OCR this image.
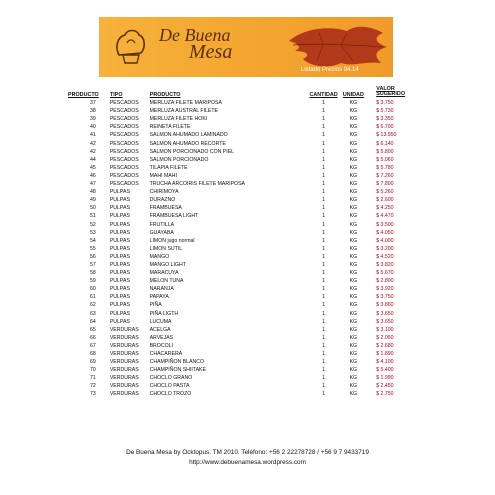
De Buena
Mesa
Listado Precios 04.14
PRODUCTO	TIPO	PRODUCTO	CANTIDAD UNIDAD
VALOR
SUGERIDO
37	PESCADOS	MERLUZA FILETE MARIPOSA	1	KG	$ 3.750
38	PESCADOS	MERLUZA AUSTRAL FILETE	1	KG	$ 5.730
39	PESCADOS	MERLUZA FILETE HOKI	1	KG	$ 3.350
40	PESCADOS	REINETA FILETE	1	KG	$ 6.700
41	PESCADOS	SALMON AHUMADO LAMINADO	1	KG	$ 13.950
42	PESCADOS	SALMON AHUMADO RECORTE	1	KG	$ 6.140
42	PESCADOS	SALMON PORCIONADO CON PIEL	1	KG	$ 5.800
44	PESCADOS	SALMON PORCIONADO	1	KG	$ 5.060
45	PESCADOS	TILAPIA FILETE	1	KG	$ 5.780
46	PESCADOS	MAHI MAHI	1	KG	$ 7.260
47	PESCADOS	TRUCHA ARCOIRIS FILETE MARIPOSA	1	KG	$ 7.800
48	PULPAS	CHIRIMOYA	1	KG	$ 5.260
49	PULPAS	DURAZNO	1	KG	$ 2.600
50	PULPAS	FRAMBUESA	1	KG	$ 4.250
51	PULPAS	FRAMBUESA LIGHT	1	KG	$ 4.470
52	PULPAS	FRUTILLA	1	KG	$ 3.500
53	PULPAS	GUAYABA	1	KG	$ 4.050
54	PULPAS	LIMON jugo normal	1	KG	$ 4.000
55	PULPAS	LIMON SUTIL	1	KG	$ 3.200
56	PULPAS	MANGO	1	KG	$ 4.520
57	PULPAS	MANGO LIGHT	1	KG	$ 3.820
58	PULPAS	MARACUYA	1	KG	$ 5.670
59	PULPAS	MELON TUNA	1	KG	$ 2.800
60	PULPAS	NARANJA	1	KG	$ 3.920
61	PULPAS	PAPAYA	1	KG	$ 3.750
62	PULPAS	PIÑA	1	KG	$ 3.860
63	PULPAS	PIÑA LIGTH	1	KG	$ 3.650
64	PULPAS	LUCUMA	1	KG	$ 3.650
65	VERDURAS	ACELGA	1	KG	$ 3.100
66	VERDURAS	ARVEJAS	1	KG	$ 2.050
67	VERDURAS	BROCOLI	1	KG	$ 2.680
68	VERDURAS	CHACARERA	1	KG	$ 1.890
69	VERDURAS	CHAMPIÑON BLANCO	1	KG	$ 4.100
70	VERDURAS	CHAMPIÑON SHIITAKE	1	KG	$ 5.400
71	VERDURAS	CHOCLO GRANO	1	KG	$ 1.990
72	VERDURAS	CHOCLO PASTA	1	KG	$ 2.450
73	VERDURAS	CHOCLO TROZO	1	KG	$ 2.750
De Buena Mesa by Ocktopus. TM 2010. Teléfono: +56 2 22278728 / +56 9 7 9433719
http://www.debuenamesa.wordpress.com
